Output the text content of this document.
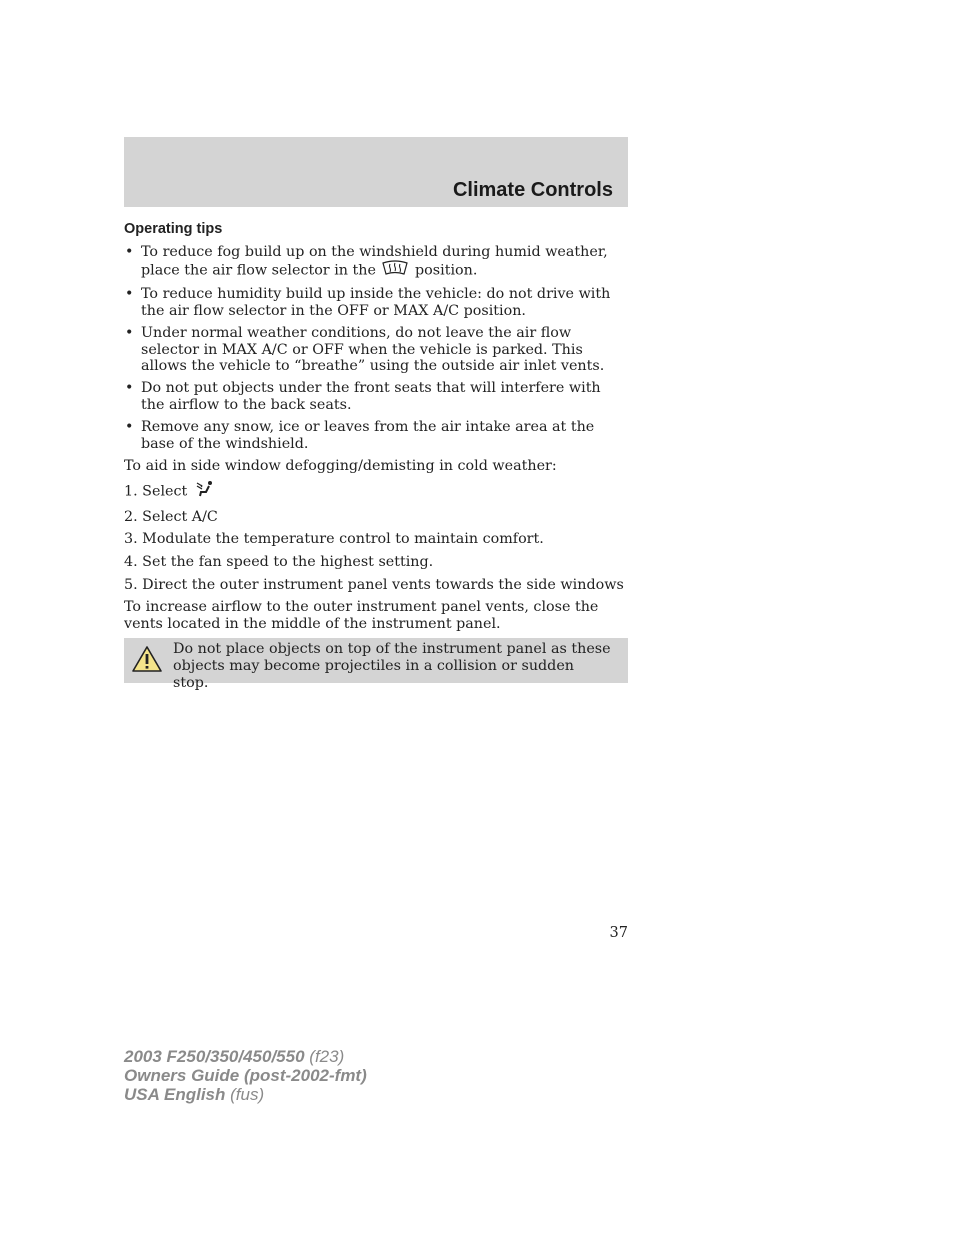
Climate Controls
Operating tips
• To reduce fog build up on the windshield during humid weather, place the air flow selector in the	position.
• To reduce humidity build up inside the vehicle: do not drive with the air flow selector in the OFF or MAX A/C position.
• Under normal weather conditions, do not leave the air flow selector in MAX A/C or OFF when the vehicle is parked. This allows the vehicle to “breathe” using the outside air inlet vents.
• Do not put objects under the front seats that will interfere with the airflow to the back seats.
• Remove any snow, ice or leaves from the air intake area at the base of the windshield.

To aid in side window defogging/demisting in cold weather:

1. Select
2. Select A/C
3. Modulate the temperature control to maintain comfort.
4. Set the fan speed to the highest setting.
5. Direct the outer instrument panel vents towards the side windows

To increase airflow to the outer instrument panel vents, close the vents located in the middle of the instrument panel.

Do not place objects on top of the instrument panel as these objects may become projectiles in a collision or sudden stop.
37
2003 F250/350/450/550 (f23)
Owners Guide (post-2002-fmt)
USA English (fus)
